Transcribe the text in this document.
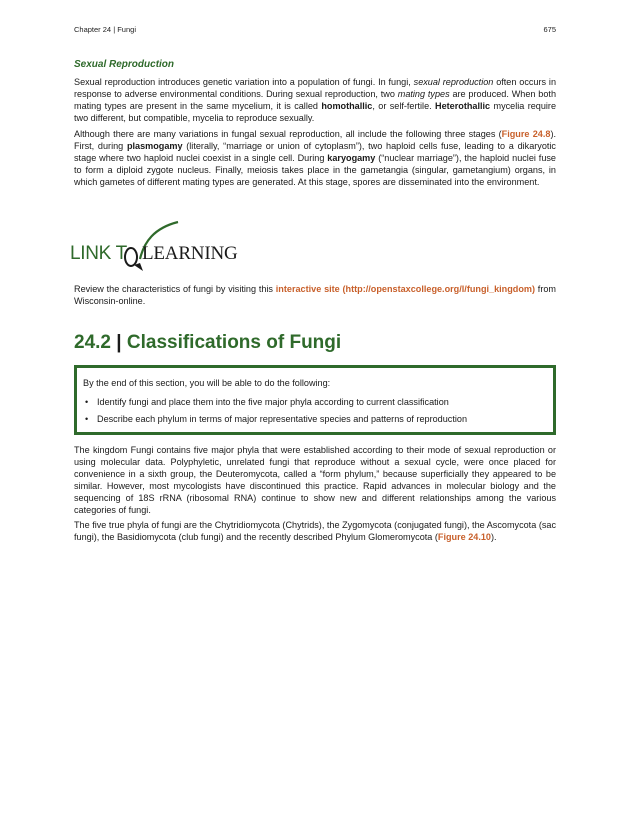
Chapter 24 | Fungi	675
Sexual Reproduction

Sexual reproduction introduces genetic variation into a population of fungi. In fungi, sexual reproduction often occurs in response to adverse environmental conditions. During sexual reproduction, two mating types are produced. When both mating types are present in the same mycelium, it is called homothallic, or self-fertile. Heterothallic mycelia require two different, but compatible, mycelia to reproduce sexually.

Although there are many variations in fungal sexual reproduction, all include the following three stages (Figure 24.8). First, during plasmogamy (literally, “marriage or union of cytoplasm”), two haploid cells fuse, leading to a dikaryotic stage where two haploid nuclei coexist in a single cell. During karyogamy (“nuclear marriage”), the haploid nuclei fuse to form a diploid zygote nucleus. Finally, meiosis takes place in the gametangia (singular, gametangium) organs, in which gametes of different mating types are generated. At this stage, spores are disseminated into the environment.

LINK T LEARNING

Review the characteristics of fungi by visiting this interactive site (http://openstaxcollege.org/l/fungi_kingdom) from Wisconsin-online.

24.2 | Classifications of Fungi
By the end of this section, you will be able to do the following:
• Identify fungi and place them into the five major phyla according to current classification
• Describe each phylum in terms of major representative species and patterns of reproduction

The kingdom Fungi contains five major phyla that were established according to their mode of sexual reproduction or using molecular data. Polyphyletic, unrelated fungi that reproduce without a sexual cycle, were once placed for convenience in a sixth group, the Deuteromycota, called a “form phylum,” because superficially they appeared to be similar. However, most mycologists have discontinued this practice. Rapid advances in molecular biology and the sequencing of 18S rRNA (ribosomal RNA) continue to show new and different relationships among the various categories of fungi.

The five true phyla of fungi are the Chytridiomycota (Chytrids), the Zygomycota (conjugated fungi), the Ascomycota (sac fungi), the Basidiomycota (club fungi) and the recently described Phylum Glomeromycota (Figure 24.10).
